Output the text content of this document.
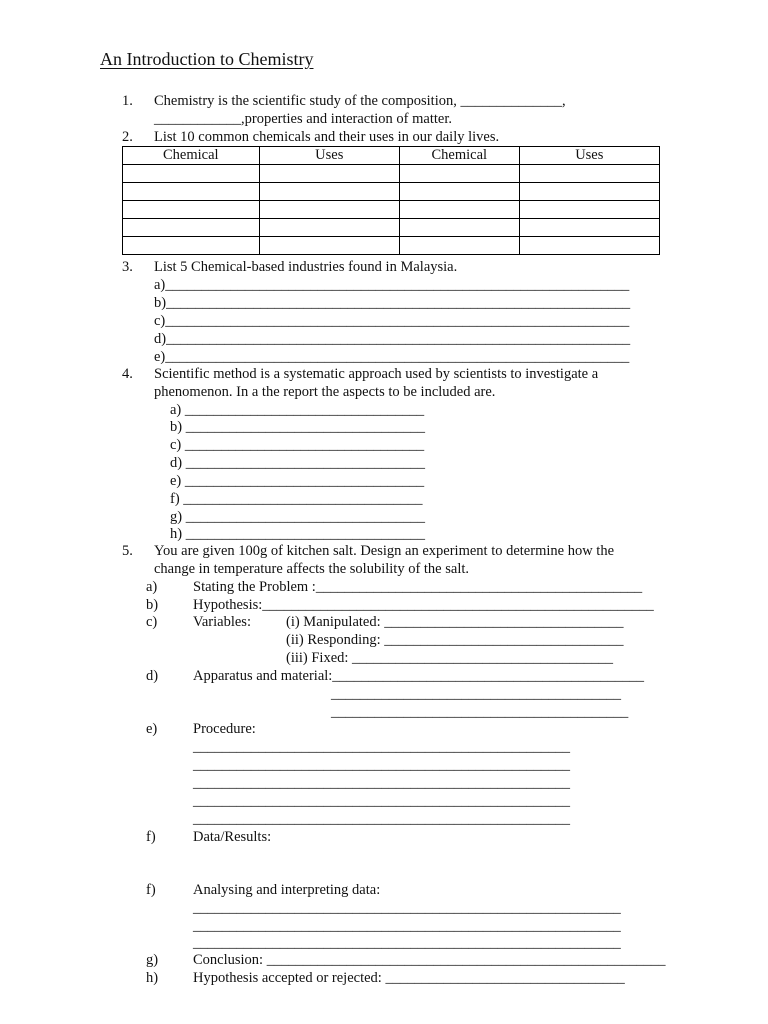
An Introduction to Chemistry
1. Chemistry is the scientific study of the composition, ______________,
____________,properties and interaction of matter.
2. List 10 common chemicals and their uses in our daily lives.
Chemical	Uses	Chemical	Uses

3. List 5 Chemical-based industries found in Malaysia.
a)________________________________________________________________
b)________________________________________________________________
c)________________________________________________________________
d)________________________________________________________________
e)________________________________________________________________
4. Scientific method is a systematic approach used by scientists to investigate a
phenomenon. In a the report the aspects to be included are.
a) _________________________________
b) _________________________________
c) _________________________________
d) _________________________________
e) _________________________________
f) _________________________________
g) _________________________________
h) _________________________________
5. You are given 100g of kitchen salt. Design an experiment to determine how the
change in temperature affects the solubility of the salt.
a) Stating the Problem :_____________________________________________
b) Hypothesis:______________________________________________________
c) Variables: (i) Manipulated: _________________________________
(ii) Responding: _________________________________
(iii) Fixed: ____________________________________
d) Apparatus and material:___________________________________________
________________________________________
_________________________________________
e) Procedure:
____________________________________________________
____________________________________________________
____________________________________________________
____________________________________________________
____________________________________________________
f)	Data/Results:
f)	Analysing and interpreting data:
___________________________________________________________
___________________________________________________________
___________________________________________________________
g) Conclusion: _______________________________________________________
h) Hypothesis accepted or rejected: _________________________________
